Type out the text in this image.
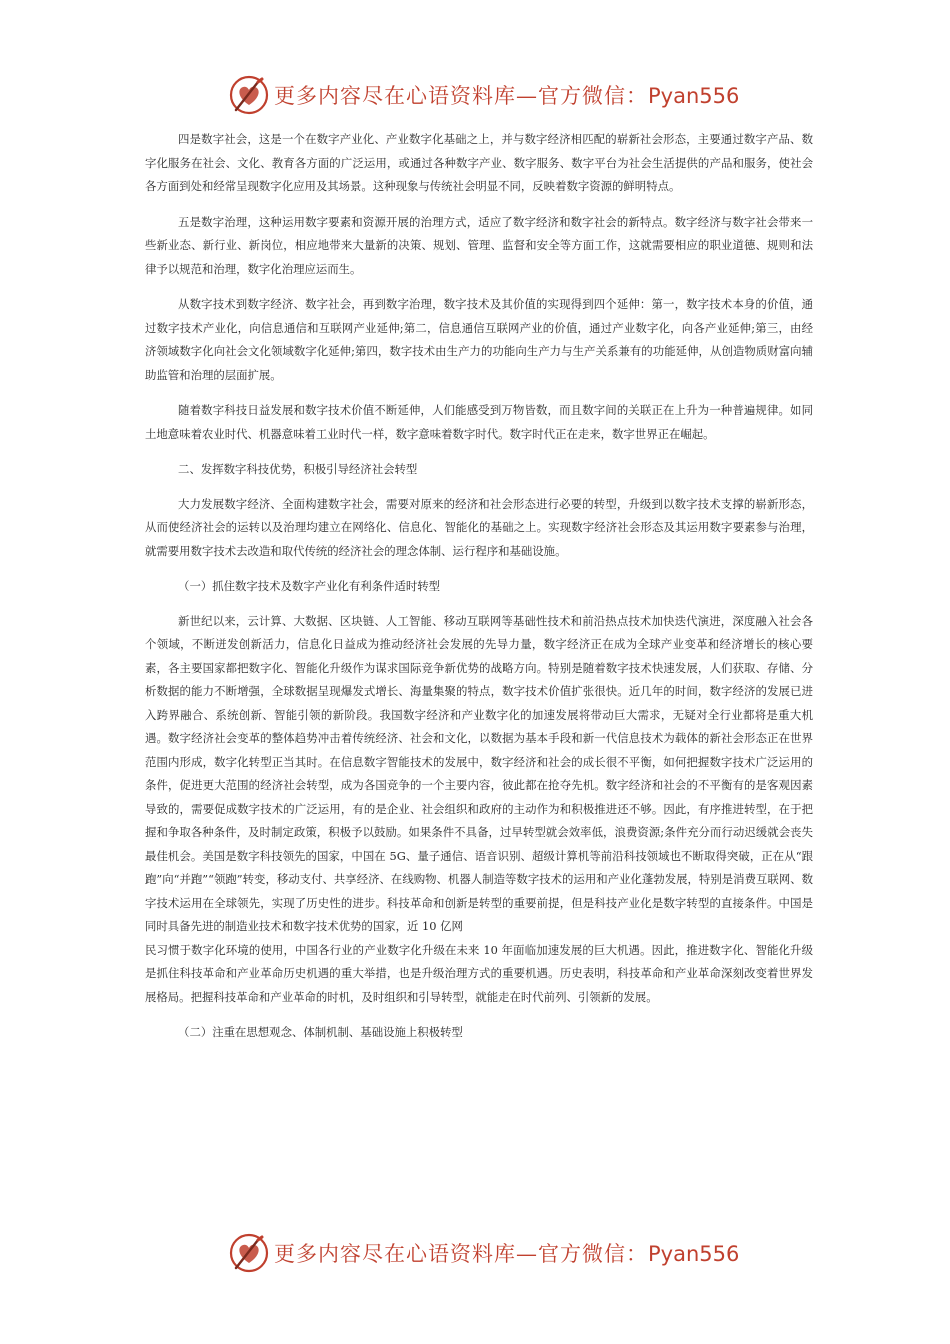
更多内容尽在心语资料库—官方微信：Pyan556

四是数字社会，这是一个在数字产业化、产业数字化基础之上，并与数字经济相匹配的崭新社会形态，主要通过数字产品、数字化服务在社会、文化、教育各方面的广泛运用，或通过各种数字产业、数字服务、数字平台为社会生活提供的产品和服务，使社会各方面到处和经常呈现数字化应用及其场景。这种现象与传统社会明显不同，反映着数字资源的鲜明特点。

五是数字治理，这种运用数字要素和资源开展的治理方式，适应了数字经济和数字社会的新特点。数字经济与数字社会带来一些新业态、新行业、新岗位，相应地带来大量新的决策、规划、管理、监督和安全等方面工作，这就需要相应的职业道德、规则和法律予以规范和治理，数字化治理应运而生。

从数字技术到数字经济、数字社会，再到数字治理，数字技术及其价值的实现得到四个延伸：第一，数字技术本身的价值，通过数字技术产业化，向信息通信和互联网产业延伸;第二，信息通信互联网产业的价值，通过产业数字化，向各产业延伸;第三，由经济领域数字化向社会文化领域数字化延伸;第四，数字技术由生产力的功能向生产力与生产关系兼有的功能延伸，从创造物质财富向辅助监管和治理的层面扩展。

随着数字科技日益发展和数字技术价值不断延伸，人们能感受到万物皆数，而且数字间的关联正在上升为一种普遍规律。如同土地意味着农业时代、机器意味着工业时代一样，数字意味着数字时代。数字时代正在走来，数字世界正在崛起。

二、发挥数字科技优势，积极引导经济社会转型

大力发展数字经济、全面构建数字社会，需要对原来的经济和社会形态进行必要的转型，升级到以数字技术支撑的崭新形态，从而使经济社会的运转以及治理均建立在网络化、信息化、智能化的基础之上。实现数字经济社会形态及其运用数字要素参与治理，就需要用数字技术去改造和取代传统的经济社会的理念体制、运行程序和基础设施。

（一）抓住数字技术及数字产业化有利条件适时转型

新世纪以来，云计算、大数据、区块链、人工智能、移动互联网等基础性技术和前沿热点技术加快迭代演进，深度融入社会各个领域，不断迸发创新活力，信息化日益成为推动经济社会发展的先导力量，数字经济正在成为全球产业变革和经济增长的核心要素，各主要国家都把数字化、智能化升级作为谋求国际竞争新优势的战略方向。特别是随着数字技术快速发展，人们获取、存储、分析数据的能力不断增强，全球数据呈现爆发式增长、海量集聚的特点，数字技术价值扩张很快。近几年的时间，数字经济的发展已进入跨界融合、系统创新、智能引领的新阶段。我国数字经济和产业数字化的加速发展将带动巨大需求，无疑对全行业都将是重大机遇。数字经济社会变革的整体趋势冲击着传统经济、社会和文化，以数据为基本手段和新一代信息技术为载体的新社会形态正在世界范围内形成，数字化转型正当其时。在信息数字智能技术的发展中，数字经济和社会的成长很不平衡，如何把握数字技术广泛运用的条件，促进更大范围的经济社会转型，成为各国竞争的一个主要内容，彼此都在抢夺先机。数字经济和社会的不平衡有的是客观因素导致的，需要促成数字技术的广泛运用，有的是企业、社会组织和政府的主动作为和积极推进还不够。因此，有序推进转型，在于把握和争取各种条件，及时制定政策，积极予以鼓励。如果条件不具备，过早转型就会效率低，浪费资源;条件充分而行动迟缓就会丧失最佳机会。美国是数字科技领先的国家，中国在 5G、量子通信、语音识别、超级计算机等前沿科技领域也不断取得突破，正在从“跟跑”向“并跑”“领跑”转变，移动支付、共享经济、在线购物、机器人制造等数字技术的运用和产业化蓬勃发展，特别是消费互联网、数字技术运用在全球领先，实现了历史性的进步。科技革命和创新是转型的重要前提，但是科技产业化是数字转型的直接条件。中国是同时具备先进的制造业技术和数字技术优势的国家，近 10 亿网

民习惯于数字化环境的使用，中国各行业的产业数字化升级在未来 10 年面临加速发展的巨大机遇。因此，推进数字化、智能化升级是抓住科技革命和产业革命历史机遇的重大举措，也是升级治理方式的重要机遇。历史表明，科技革命和产业革命深刻改变着世界发展格局。把握科技革命和产业革命的时机，及时组织和引导转型，就能走在时代前列、引领新的发展。

（二）注重在思想观念、体制机制、基础设施上积极转型

更多内容尽在心语资料库—官方微信：Pyan556
